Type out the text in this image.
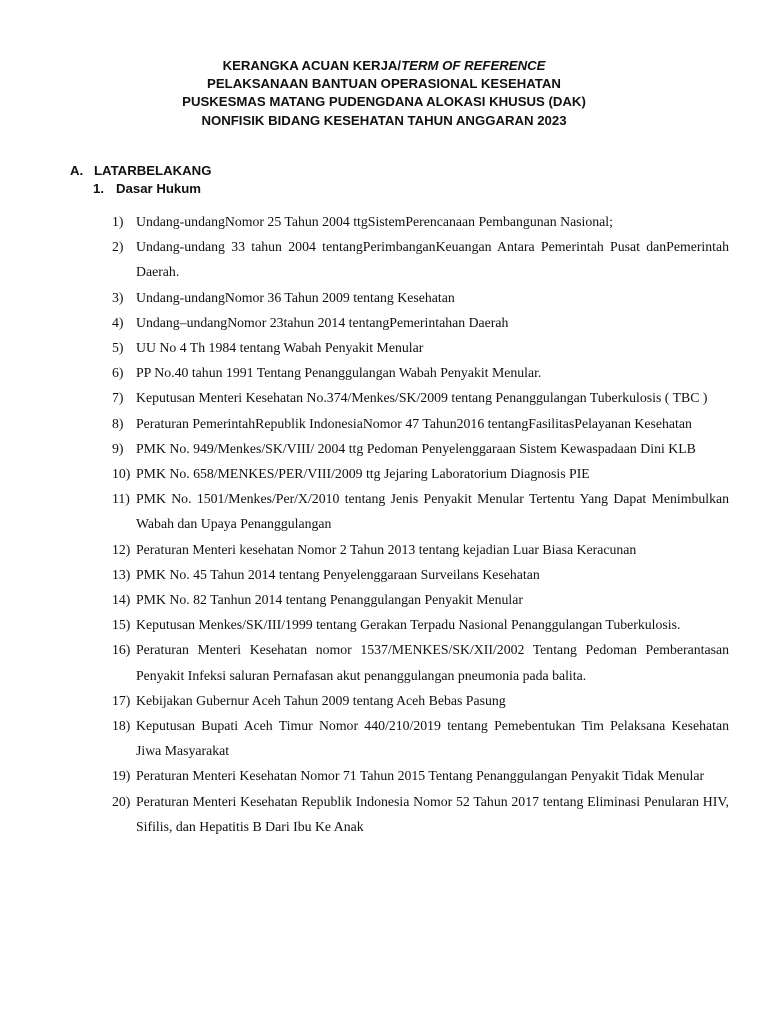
KERANGKA ACUAN KERJA/TERM OF REFERENCE
PELAKSANAAN BANTUAN OPERASIONAL KESEHATAN
PUSKESMAS MATANG PUDENGDANA ALOKASI KHUSUS (DAK)
NONFISIK BIDANG KESEHATAN TAHUN ANGGARAN 2023
A. LATARBELAKANG
1. Dasar Hukum
1) Undang-undangNomor 25 Tahun 2004 ttgSistemPerencanaan Pembangunan Nasional;
2) Undang-undang 33 tahun 2004 tentangPerimbanganKeuangan Antara Pemerintah Pusat danPemerintah Daerah.
3) Undang-undangNomor 36 Tahun 2009 tentang Kesehatan
4) Undang–undangNomor 23tahun 2014 tentangPemerintahan Daerah
5) UU No 4 Th 1984 tentang Wabah Penyakit Menular
6) PP No.40 tahun 1991 Tentang Penanggulangan Wabah Penyakit Menular.
7) Keputusan Menteri Kesehatan No.374/Menkes/SK/2009 tentang Penanggulangan Tuberkulosis ( TBC )
8) Peraturan PemerintahRepublik IndonesiaNomor 47 Tahun2016 tentangFasilitasPelayanan Kesehatan
9) PMK No. 949/Menkes/SK/VIII/ 2004 ttg Pedoman Penyelenggaraan Sistem Kewaspadaan Dini KLB
10) PMK No. 658/MENKES/PER/VIII/2009 ttg Jejaring Laboratorium Diagnosis PIE
11) PMK No. 1501/Menkes/Per/X/2010 tentang Jenis Penyakit Menular Tertentu Yang Dapat Menimbulkan Wabah dan Upaya Penanggulangan
12) Peraturan Menteri kesehatan Nomor 2 Tahun 2013 tentang kejadian Luar Biasa Keracunan
13) PMK No. 45 Tahun 2014 tentang Penyelenggaraan Surveilans Kesehatan
14) PMK No. 82 Tanhun 2014 tentang Penanggulangan Penyakit Menular
15) Keputusan Menkes/SK/III/1999 tentang Gerakan Terpadu Nasional Penanggulangan Tuberkulosis.
16) Peraturan Menteri Kesehatan nomor 1537/MENKES/SK/XII/2002 Tentang Pedoman Pemberantasan Penyakit Infeksi saluran Pernafasan akut penanggulangan pneumonia pada balita.
17) Kebijakan Gubernur Aceh Tahun 2009 tentang Aceh Bebas Pasung
18) Keputusan Bupati Aceh Timur Nomor 440/210/2019 tentang Pemebentukan Tim Pelaksana Kesehatan Jiwa Masyarakat
19) Peraturan Menteri Kesehatan Nomor 71 Tahun 2015 Tentang Penanggulangan Penyakit Tidak Menular
20) Peraturan Menteri Kesehatan Republik Indonesia Nomor 52 Tahun 2017 tentang Eliminasi Penularan HIV, Sifilis, dan Hepatitis B Dari Ibu Ke Anak
